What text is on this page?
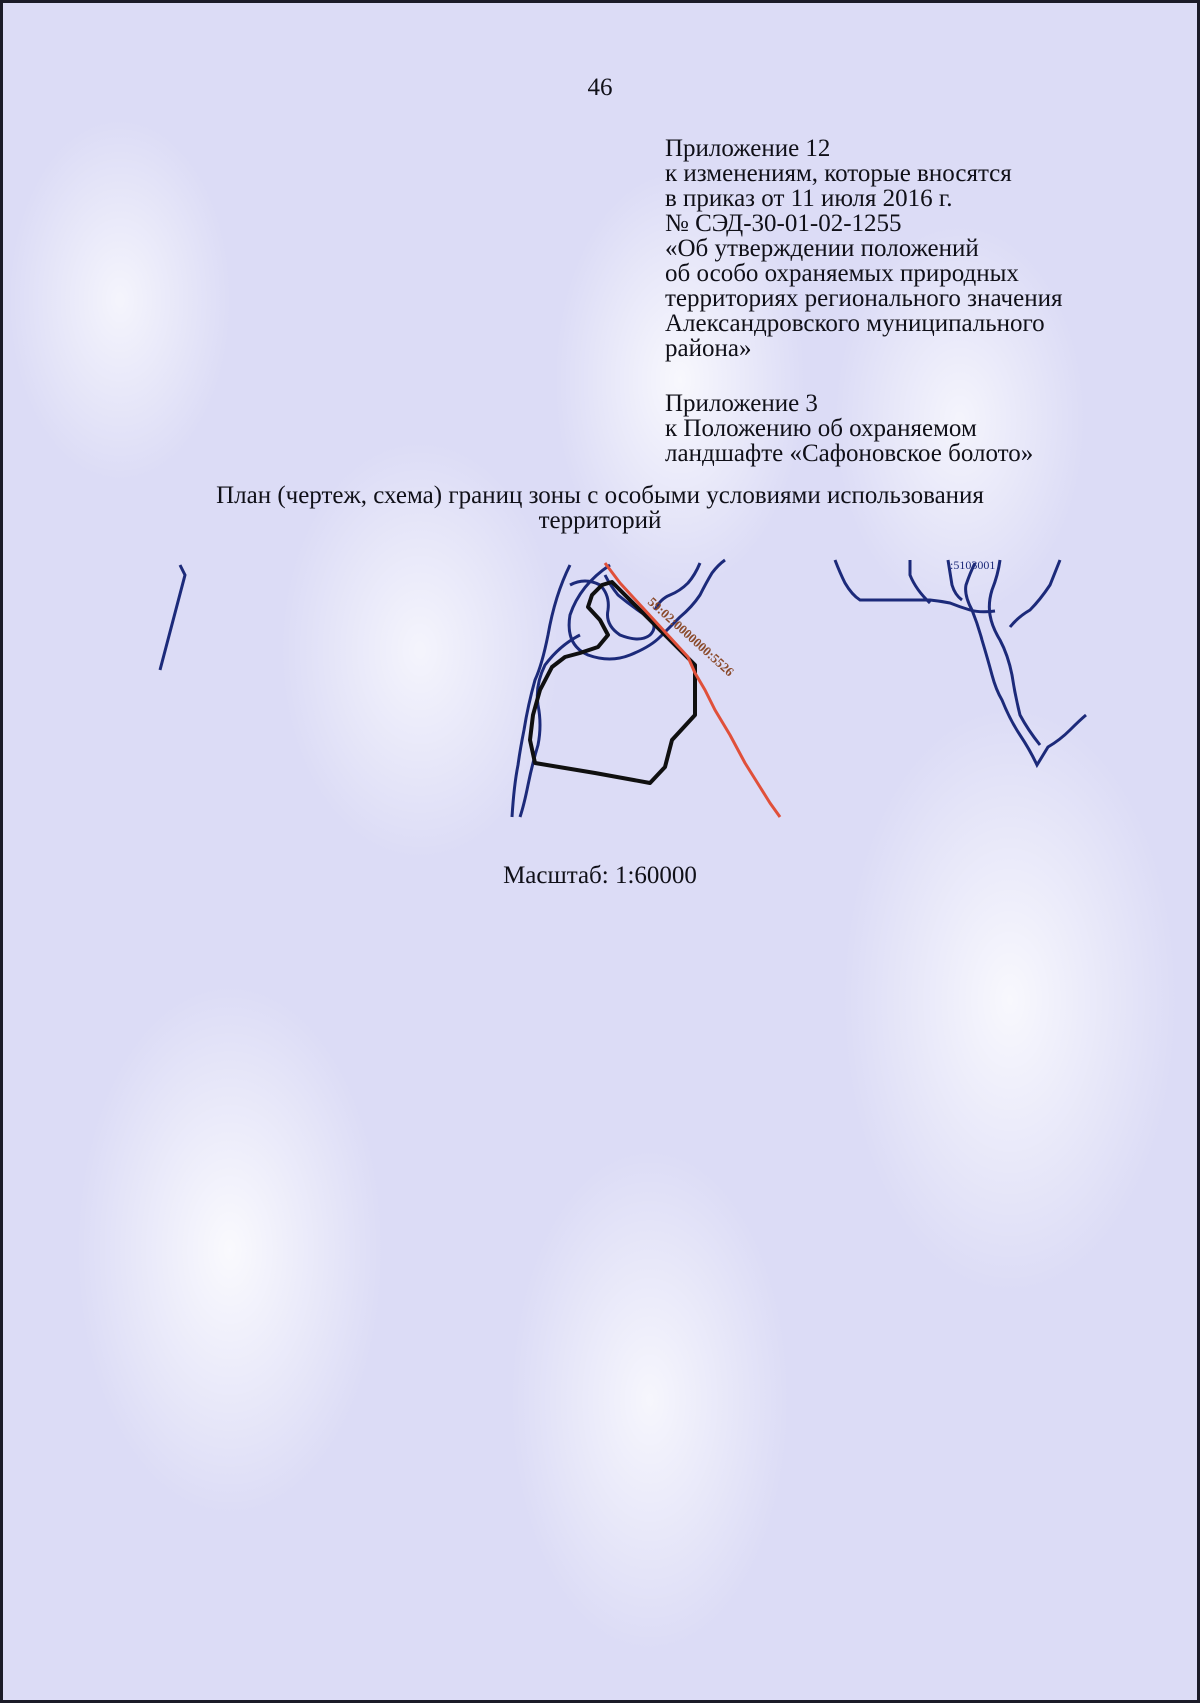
46
Приложение 12
к изменениям, которые вносятся
в приказ от 11 июля 2016 г.
№ СЭД-30-01-02-1255
«Об утверждении положений
об особо охраняемых природных
территориях регионального значения
Александровского муниципального
района»
Приложение 3
к Положению об охраняемом
ландшафте «Сафоновское болото»
План (чертеж, схема) границ зоны с особыми условиями использования
территорий
59:02:0000000:5526
:5103001
Масштаб: 1:60000
